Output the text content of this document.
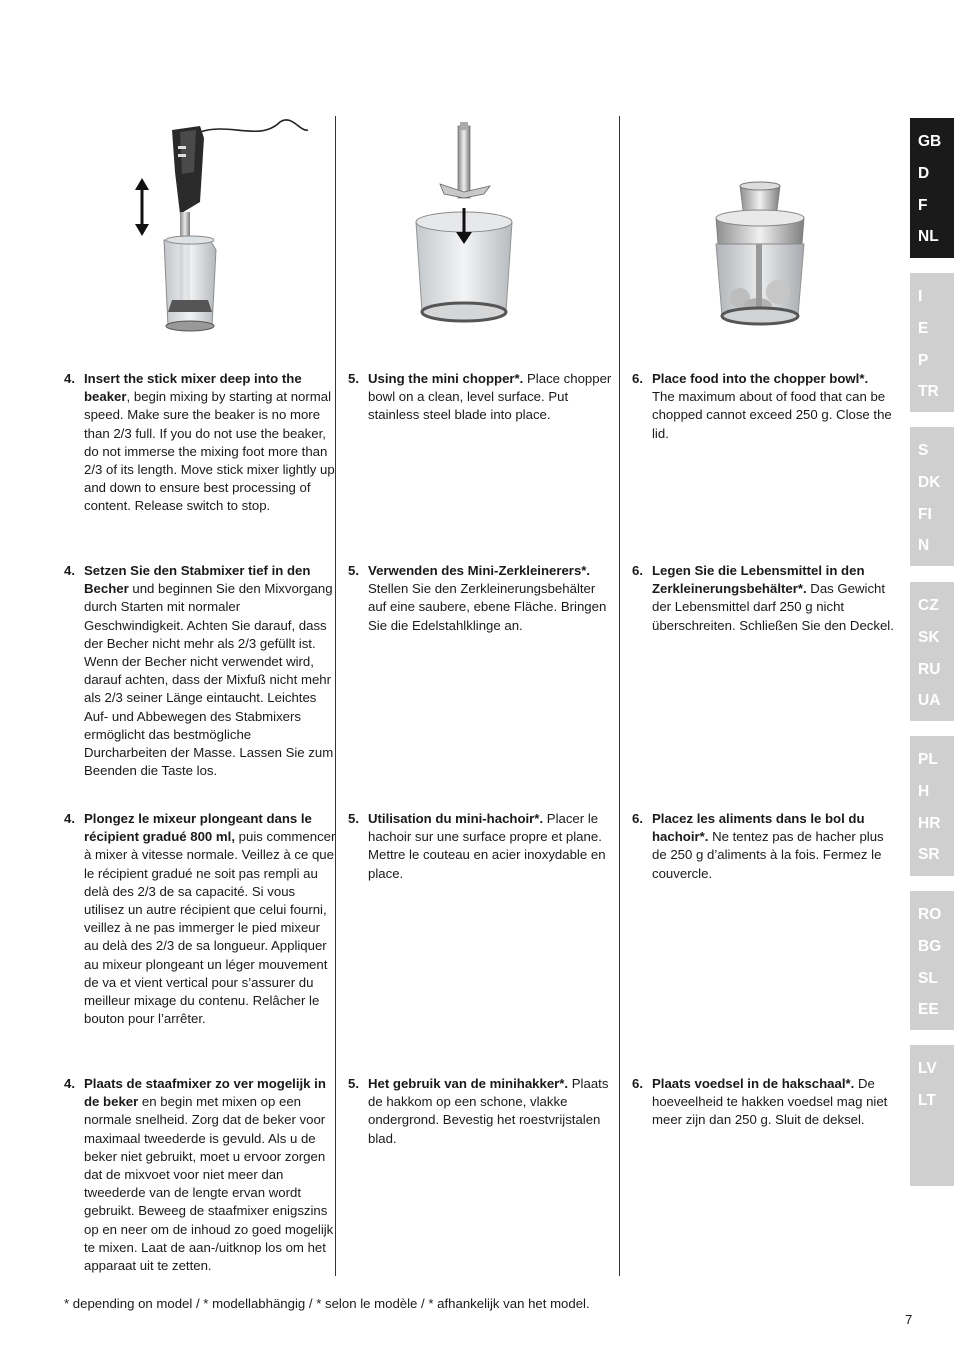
4. Insert the stick mixer deep into the beaker, begin mixing by starting at normal speed. Make sure the beaker is no more than 2/3 full. If you do not use the beaker, do not immerse the mixing foot more than 2/3 of its length. Move stick mixer lightly up and down to ensure best processing of content. Release switch to stop.
4. Setzen Sie den Stabmixer tief in den Becher und beginnen Sie den Mixvorgang durch Starten mit normaler Geschwindigkeit. Achten Sie darauf, dass der Becher nicht mehr als 2/3 gefüllt ist. Wenn der Becher nicht verwendet wird, darauf achten, dass der Mixfuß nicht mehr als 2/3 seiner Länge eintaucht. Leichtes Auf- und Abbewegen des Stabmixers ermöglicht das bestmögliche Durcharbeiten der Masse. Lassen Sie zum Beenden die Taste los.
4. Plongez le mixeur plongeant dans le récipient gradué 800 ml, puis commencer à mixer à vitesse normale. Veillez à ce que le récipient gradué ne soit pas rempli au delà des 2/3 de sa capacité. Si vous utilisez un autre récipient que celui fourni, veillez à ne pas immerger le pied mixeur au delà des 2/3 de sa longueur. Appliquer au mixeur plongeant un léger mouvement de va et vient vertical pour s’assurer du meilleur mixage du contenu. Relâcher le bouton pour l’arrêter.
4. Plaats de staafmixer zo ver mogelijk in de beker en begin met mixen op een normale snelheid. Zorg dat de beker voor maximaal tweederde is gevuld. Als u de beker niet gebruikt, moet u ervoor zorgen dat de mixvoet voor niet meer dan tweederde van de lengte ervan wordt gebruikt. Beweeg de staafmixer enigszins op en neer om de inhoud zo goed mogelijk te mixen. Laat de aan-/uitknop los om het apparaat uit te zetten.
5. Using the mini chopper*. Place chopper bowl on a clean, level surface. Put stainless steel blade into place.
5. Verwenden des Mini-Zerkleinerers*. Stellen Sie den Zerkleinerungsbehälter auf eine saubere, ebene Fläche. Bringen Sie die Edelstahlklinge an.
5. Utilisation du mini-hachoir*. Placer le hachoir sur une surface propre et plane. Mettre le couteau en acier inoxydable en place.
5. Het gebruik van de minihakker*. Plaats de hakkom op een schone, vlakke ondergrond. Bevestig het roestvrijstalen blad.
6. Place food into the chopper bowl*. The maximum about of food that can be chopped cannot exceed 250 g. Close the lid.
6. Legen Sie die Lebensmittel in den Zerkleinerungsbehälter*. Das Gewicht der Lebensmittel darf 250 g nicht überschreiten. Schließen Sie den Deckel.
6. Placez les aliments dans le bol du hachoir*. Ne tentez pas de hacher plus de 250 g d’aliments à la fois. Fermez le couvercle.
6. Plaats voedsel in de hakschaal*. De hoeveelheid te hakken voedsel mag niet meer zijn dan 250 g. Sluit de deksel.
GB
D
F
NL
I
E
P
TR
S
DK
FI
N
CZ
SK
RU
UA
PL
H
HR
SR
RO
BG
SL
EE
LV
LT
* depending on model / * modellabhängig / * selon le modèle / * afhankelijk van het model.
7
